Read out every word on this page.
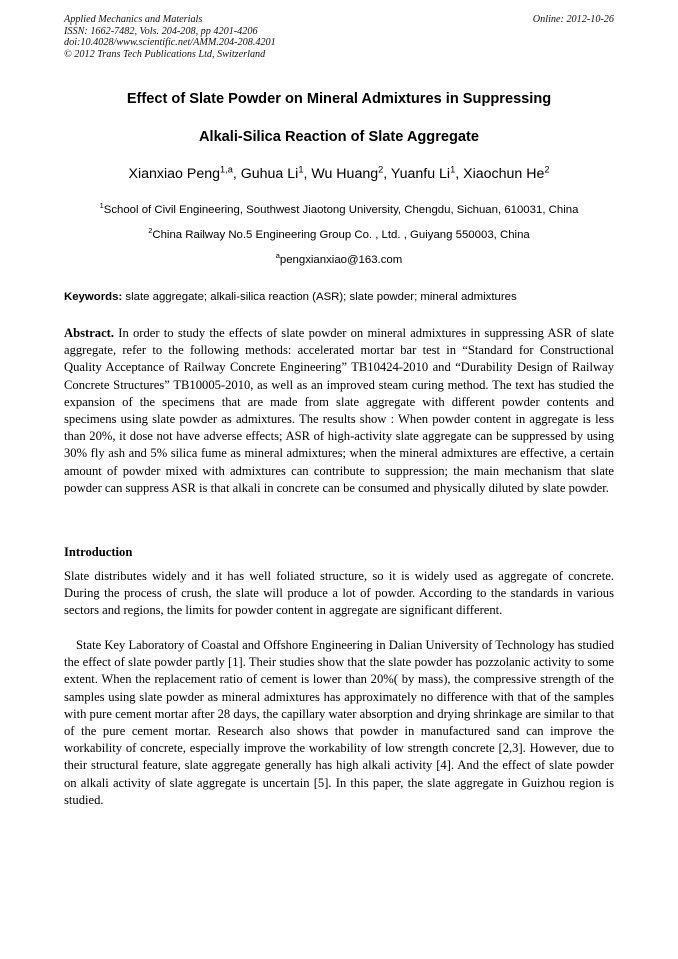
Applied Mechanics and Materials
ISSN: 1662-7482, Vols. 204-208, pp 4201-4206
doi:10.4028/www.scientific.net/AMM.204-208.4201
© 2012 Trans Tech Publications Ltd, Switzerland
Online: 2012-10-26
Effect of Slate Powder on Mineral Admixtures in Suppressing
Alkali-Silica Reaction of Slate Aggregate
Xianxiao Peng$^{1,a}$, Guhua Li$^1$, Wu Huang$^2$, Yuanfu Li$^1$, Xiaochun He$^2$
$^1$School of Civil Engineering, Southwest Jiaotong University, Chengdu, Sichuan, 610031, China
$^2$China Railway No.5 Engineering Group Co. , Ltd. , Guiyang 550003, China
$^a$pengxianxiao@163.com
Keywords: slate aggregate; alkali-silica reaction (ASR); slate powder; mineral admixtures

Abstract. In order to study the effects of slate powder on mineral admixtures in suppressing ASR of slate aggregate, refer to the following methods: accelerated mortar bar test in “Standard for Constructional Quality Acceptance of Railway Concrete Engineering” TB10424-2010 and “Durability Design of Railway Concrete Structures” TB10005-2010, as well as an improved steam curing method. The text has studied the expansion of the specimens that are made from slate aggregate with different powder contents and specimens using slate powder as admixtures. The results show : When powder content in aggregate is less than 20%, it dose not have adverse effects; ASR of high-activity slate aggregate can be suppressed by using 30% fly ash and 5% silica fume as mineral admixtures; when the mineral admixtures are effective, a certain amount of powder mixed with admixtures can contribute to suppression; the main mechanism that slate powder can suppress ASR is that alkali in concrete can be consumed and physically diluted by slate powder.

Introduction

Slate distributes widely and it has well foliated structure, so it is widely used as aggregate of concrete. During the process of crush, the slate will produce a lot of powder. According to the standards in various sectors and regions, the limits for powder content in aggregate are significant different.

State Key Laboratory of Coastal and Offshore Engineering in Dalian University of Technology has studied the effect of slate powder partly [1]. Their studies show that the slate powder has pozzolanic activity to some extent. When the replacement ratio of cement is lower than 20%( by mass), the compressive strength of the samples using slate powder as mineral admixtures has approximately no difference with that of the samples with pure cement mortar after 28 days, the capillary water absorption and drying shrinkage are similar to that of the pure cement mortar. Research also shows that powder in manufactured sand can improve the workability of concrete, especially improve the workability of low strength concrete [2,3]. However, due to their structural feature, slate aggregate generally has high alkali activity [4]. And the effect of slate powder on alkali activity of slate aggregate is uncertain [5]. In this paper, the slate aggregate in Guizhou region is studied.
